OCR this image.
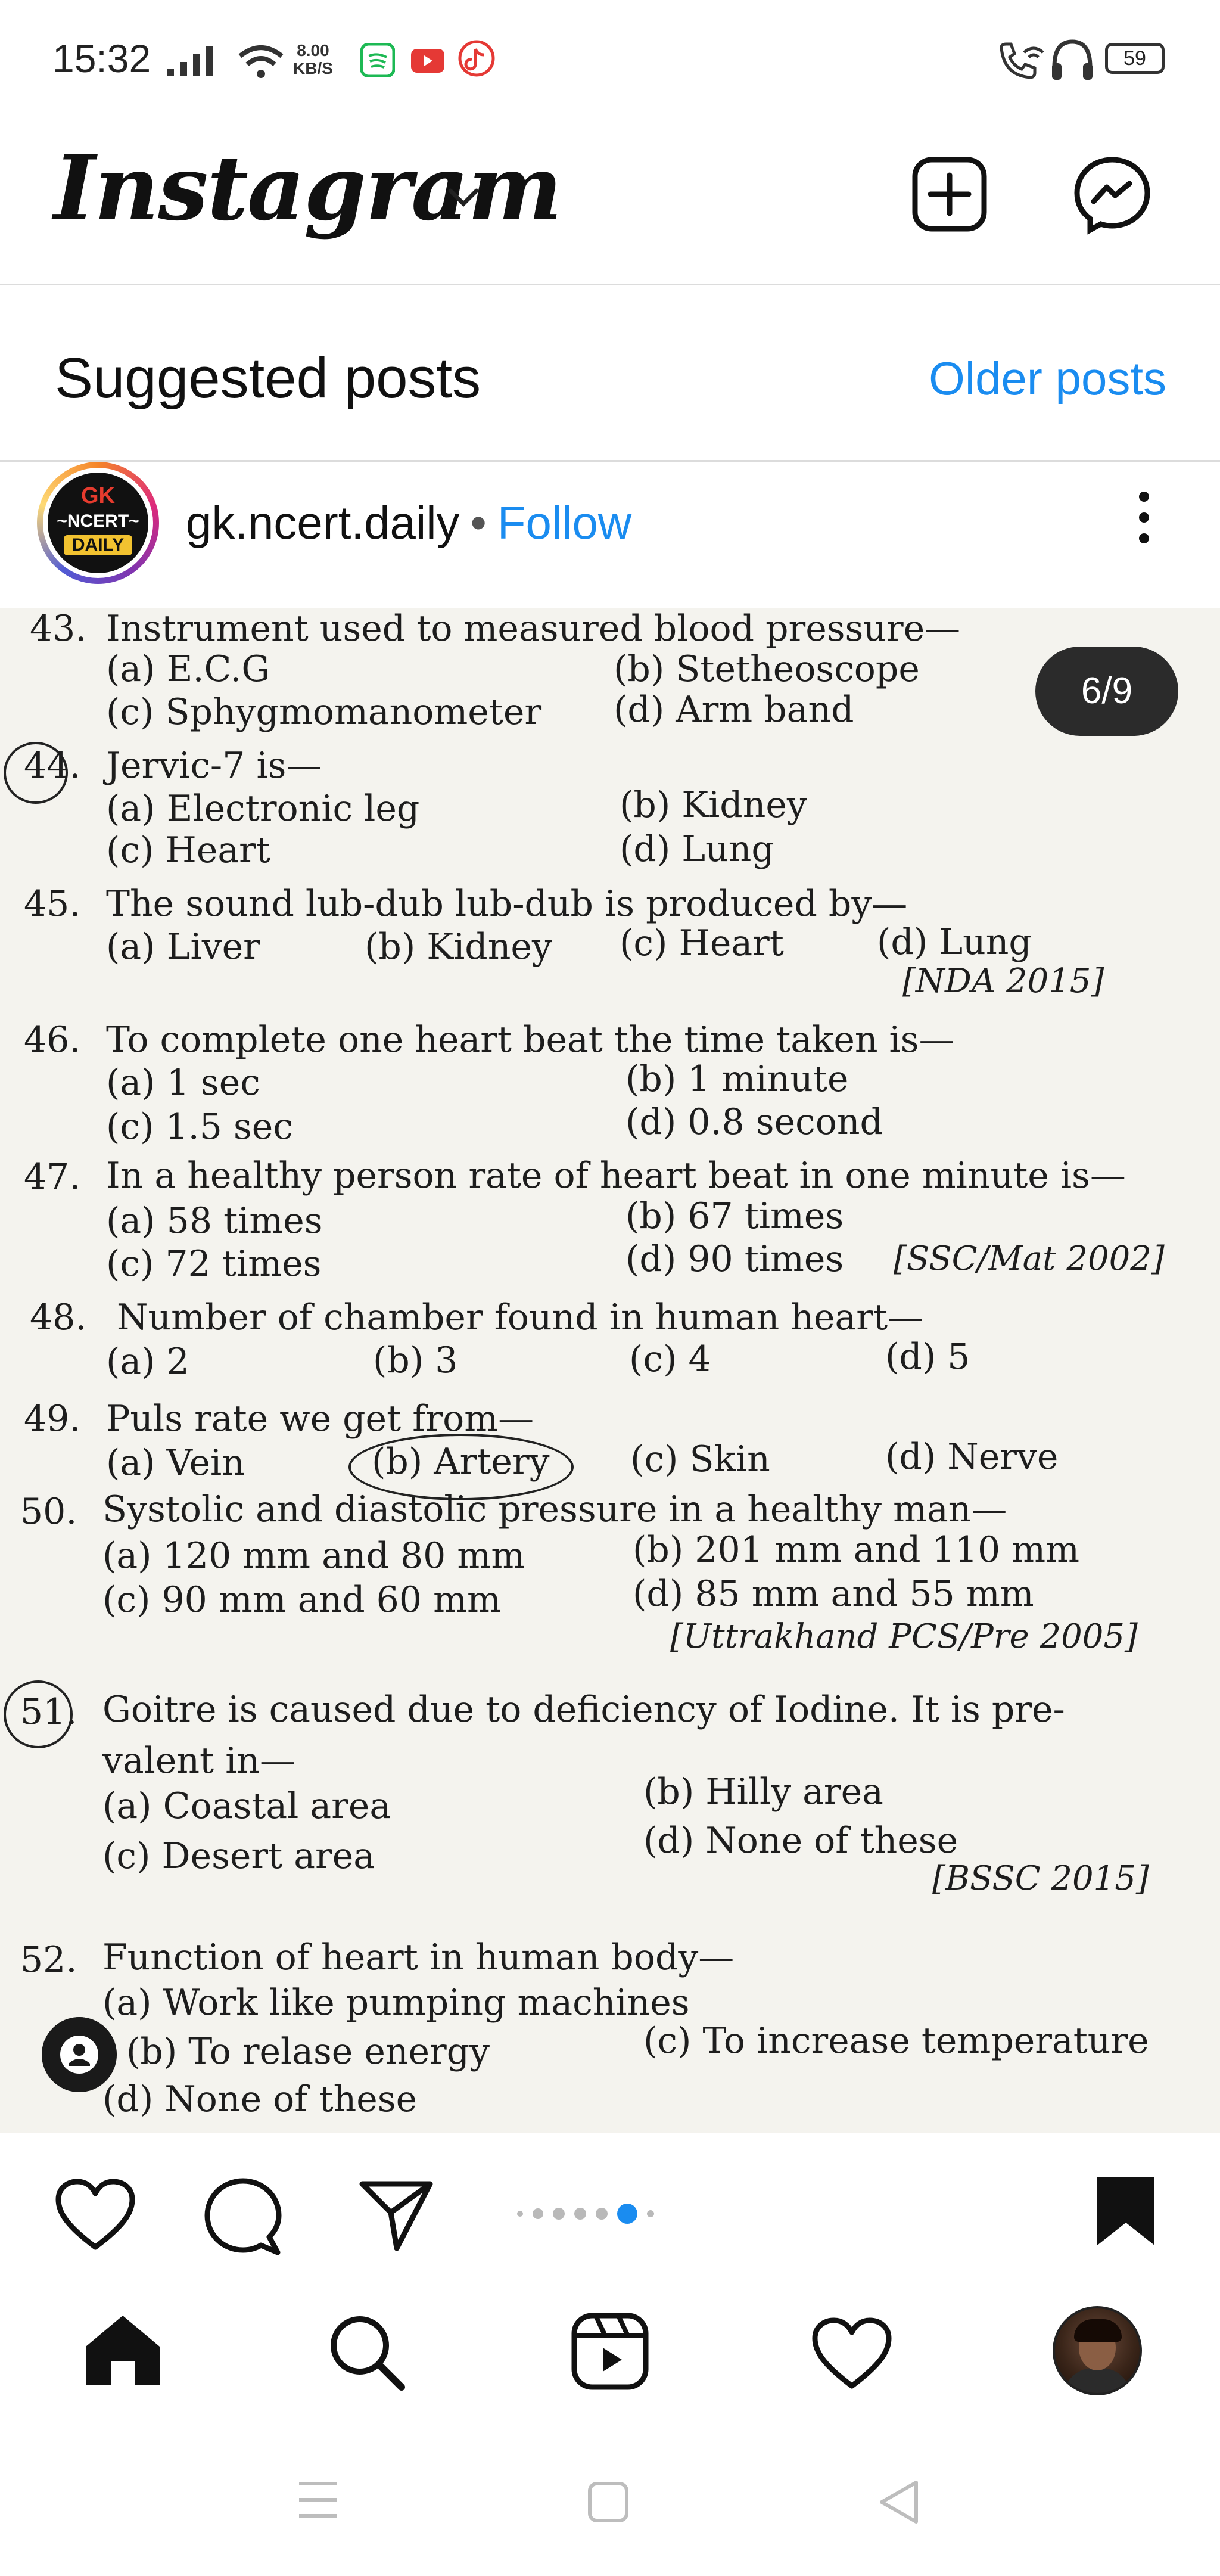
15:32	8.00
KB/S	59
Instagram
Suggested posts	Older posts
GK
~NCERT~
DAILY	gk.ncert.daily • Follow
43. Instrument used to measured blood pressure—
(a) E.C.G	(b) Stetheoscope
(c) Sphygmomanometer (d) Arm band
44. Jervic-7 is—
(a) Electronic leg	(b) Kidney
(c) Heart	(d) Lung
45. The sound lub-dub lub-dub is produced by—
(a) Liver	(b) Kidney (c) Heart	(d) Lung
[NDA 2015]
46. To complete one heart beat the time taken is—
(a) 1 sec	(b) 1 minute
(c) 1.5 sec	(d) 0.8 second
47. In a healthy person rate of heart beat in one minute is—
(a) 58 times	(b) 67 times
(c) 72 times	(d) 90 times [SSC/Mat 2002]
48. Number of chamber found in human heart—
(a) 2	(b) 3	(c) 4	(d) 5
49. Puls rate we get from—
(a) Vein	(b) Artery (c) Skin	(d) Nerve
50. Systolic and diastolic pressure in a healthy man—
(a) 120 mm and 80 mm	(b) 201 mm and 110 mm
(c) 90 mm and 60 mm	(d) 85 mm and 55 mm
[Uttrakhand PCS/Pre 2005]
51. Goitre is caused due to deficiency of Iodine. It is pre-
valent in—
(a) Coastal area	(b) Hilly area
(c) Desert area	(d) None of these
[BSSC 2015]
52. Function of heart in human body—
(a) Work like pumping machines
(b) To relase energy	(c) To increase temperature
(d) None of these
6/9
